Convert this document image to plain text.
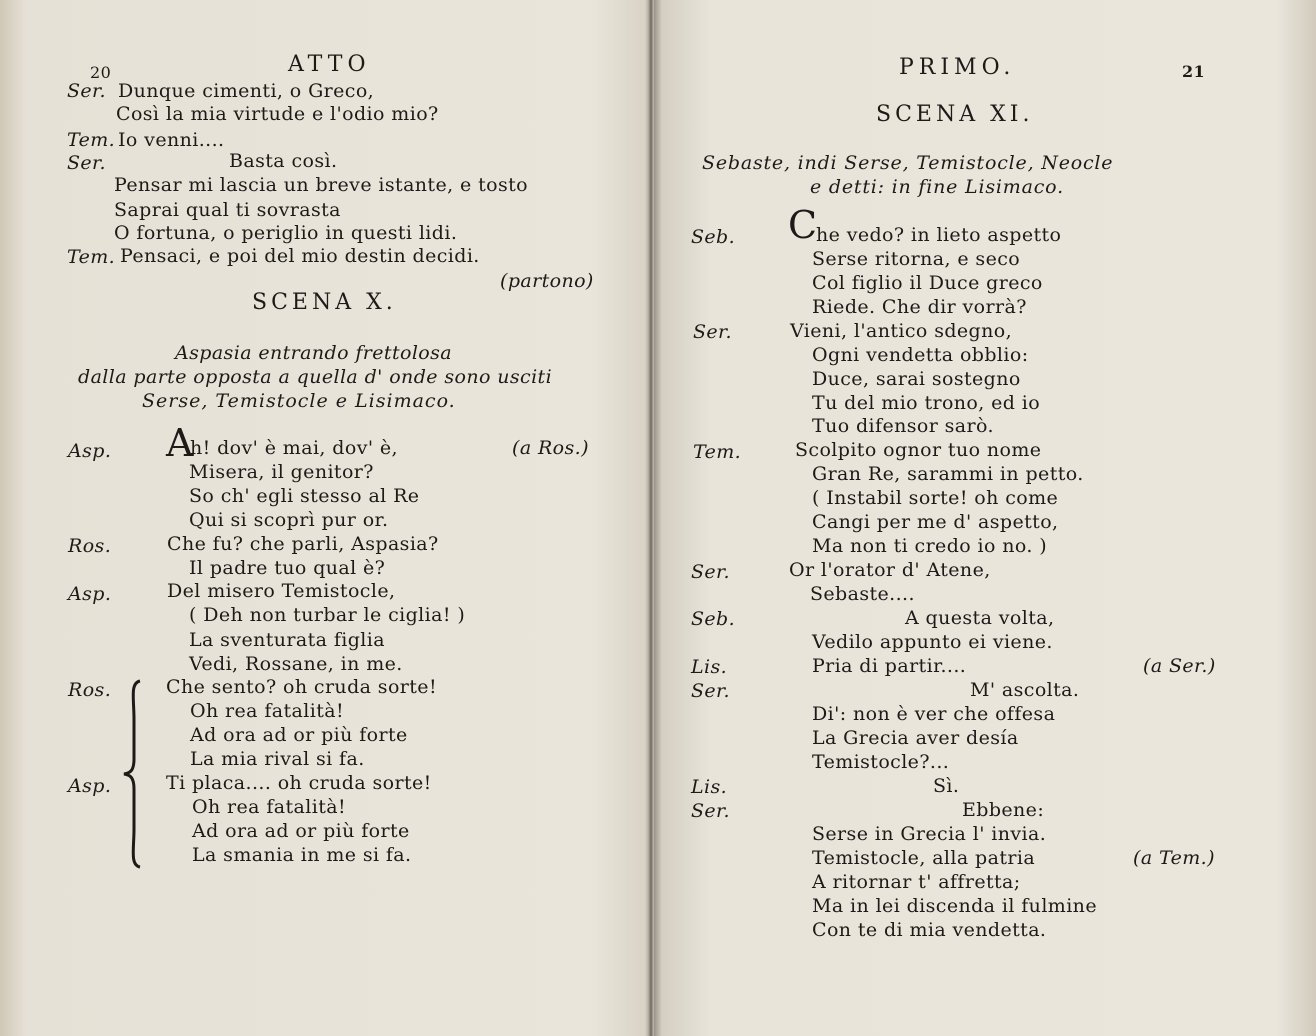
20	ATTO
Ser. Dunque cimenti, o Greco,
Così la mia virtude e l'odio mio?
Tem. Io venni....
Ser.	Basta così.
Pensar mi lascia un breve istante, e tosto
Saprai qual ti sovrasta
O fortuna, o periglio in questi lidi.
Tem. Pensaci, e poi del mio destin decidi.
(partono)
SCENA X.
Aspasia entrando frettolosa
dalla parte opposta a quella d' onde sono usciti
Serse, Temistocle e Lisimaco.
Asp. A
h! dov' è mai, dov' è,	(a Ros.)
Misera, il genitor?
So ch' egli stesso al Re
Qui si scoprì pur or.
Ros.	Che fu? che parli, Aspasia?
Il padre tuo qual è?
Asp.	Del misero Temistocle,
( Deh non turbar le ciglia! )
La sventurata figlia
Vedi, Rossane, in me.
Ros.	Che sento? oh cruda sorte!
Oh rea fatalità!
Ad ora ad or più forte
La mia rival si fa.
Asp.	Ti placa.... oh cruda sorte!
Oh rea fatalità!
Ad ora ad or più forte
La smania in me si fa.
PRIMO.	21
SCENA XI.
Sebaste, indi Serse, Temistocle, Neocle
e detti: in fine Lisimaco.
Seb. C
he vedo? in lieto aspetto
Serse ritorna, e seco
Col figlio il Duce greco
Riede. Che dir vorrà?
Ser.	Vieni, l'antico sdegno,
Ogni vendetta obblio:
Duce, sarai sostegno
Tu del mio trono, ed io
Tuo difensor sarò.
Tem.	Scolpito ognor tuo nome
Gran Re, sarammi in petto.
( Instabil sorte! oh come
Cangi per me d' aspetto,
Ma non ti credo io no. )
Ser.	Or l'orator d' Atene,
Sebaste....
Seb.	A questa volta,
Vedilo appunto ei viene.
Lis.	Pria di partir....	(a Ser.)
Ser.	M' ascolta.
Di': non è ver che offesa
La Grecia aver desía
Temistocle?...
Lis.	Sì.
Ser.	Ebbene:
Serse in Grecia l' invia.
Temistocle, alla patria	(a Tem.)
A ritornar t' affretta;
Ma in lei discenda il fulmine
Con te di mia vendetta.
